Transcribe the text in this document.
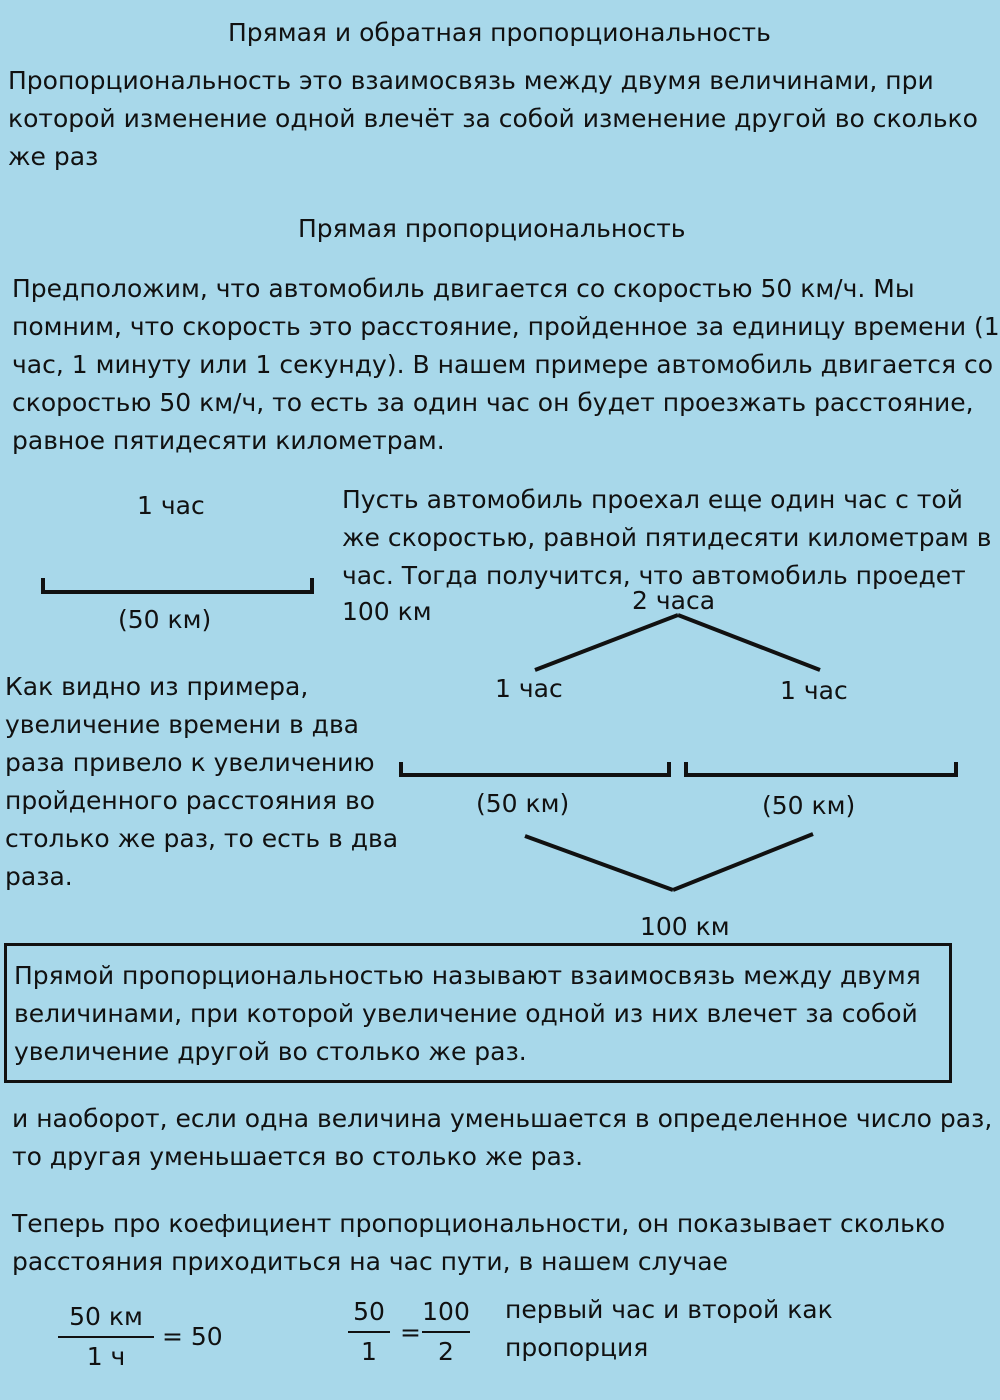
Прямая и обратная пропорциональность
Пропорциональность это взаимосвязь между двумя величинами, при
которой изменение одной влечёт за собой изменение другой во сколько
же раз
Прямая пропорциональность
Предположим, что автомобиль двигается со скоростью 50 км/ч. Мы
помним, что скорость это расстояние, пройденное за единицу времени (1
час, 1 минуту или 1 секунду). В нашем примере автомобиль двигается со
скоростью 50 км/ч, то есть за один час он будет проезжать расстояние,
равное пятидесяти километрам.
1 час
(50 км)
Пусть автомобиль проехал еще один час с той
же скоростью, равной пятидесяти километрам в
час. Тогда получится, что автомобиль проедет
100 км	2 часа
1 час	1 час
(50 км)	(50 км)
100 км
Как видно из примера,
увеличение времени в два
раза привело к увеличению
пройденного расстояния во
столько же раз, то есть в два
раза.
Прямой пропорциональностью называют взаимосвязь между двумя
величинами, при которой увеличение одной из них влечет за собой
увеличение другой во столько же раз.
и наоборот, если одна величина уменьшается в определенное число раз,
то другая уменьшается во столько же раз.
Теперь про коефициент пропорциональности, он показывает сколько
расстояния приходиться на час пути, в нашем случае
50 км
1 ч
= 50
50
1
=
100
2
первый час и второй как
пропорция
